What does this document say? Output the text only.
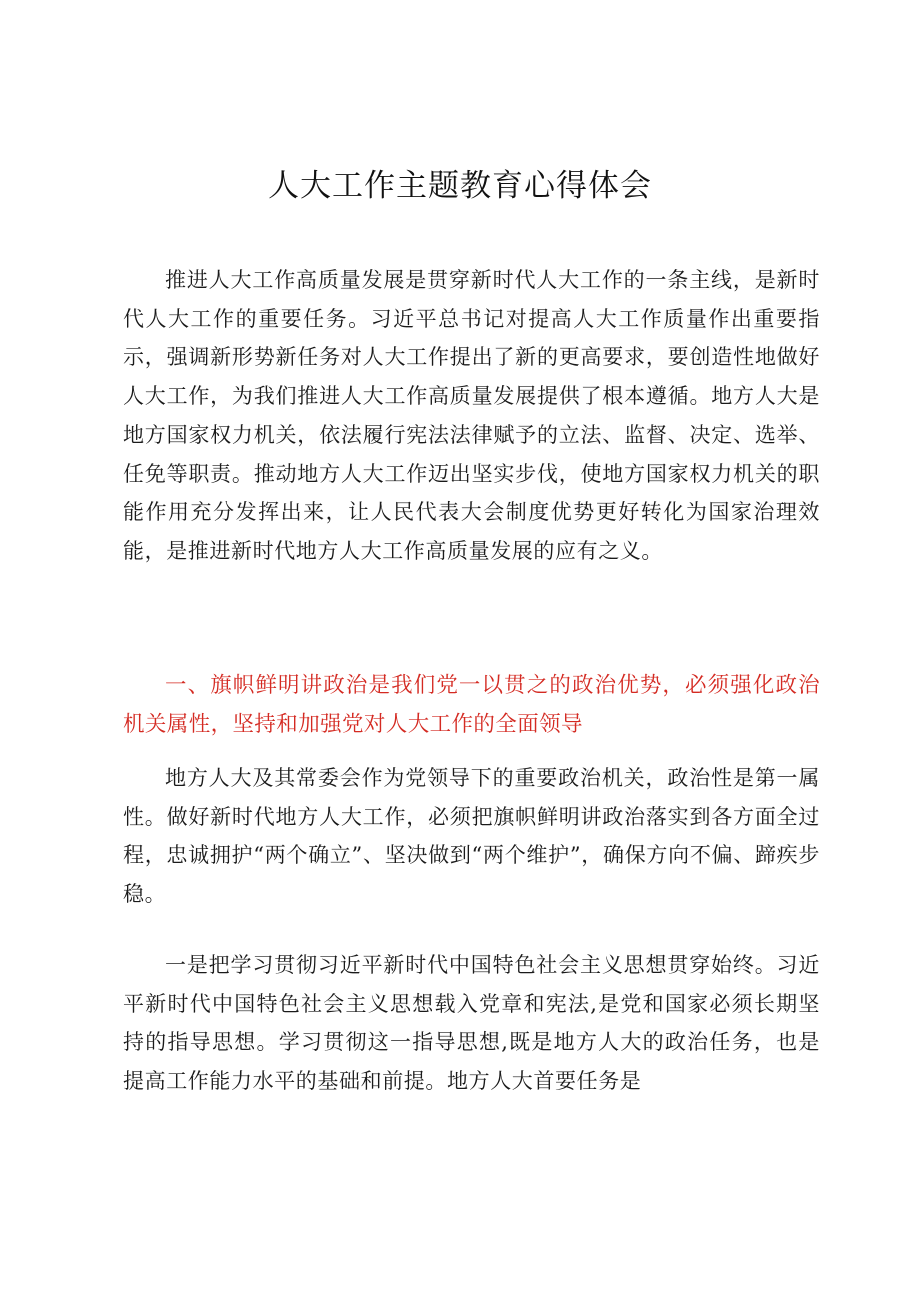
人大工作主题教育心得体会

推进人大工作高质量发展是贯穿新时代人大工作的一条主线，是新时代人大工作的重要任务。习近平总书记对提高人大工作质量作出重要指示，强调新形势新任务对人大工作提出了新的更高要求，要创造性地做好人大工作，为我们推进人大工作高质量发展提供了根本遵循。地方人大是地方国家权力机关，依法履行宪法法律赋予的立法、监督、决定、选举、任免等职责。推动地方人大工作迈出坚实步伐，使地方国家权力机关的职能作用充分发挥出来，让人民代表大会制度优势更好转化为国家治理效能，是推进新时代地方人大工作高质量发展的应有之义。

一、旗帜鲜明讲政治是我们党一以贯之的政治优势，必须强化政治机关属性，坚持和加强党对人大工作的全面领导

地方人大及其常委会作为党领导下的重要政治机关，政治性是第一属性。做好新时代地方人大工作，必须把旗帜鲜明讲政治落实到各方面全过程，忠诚拥护“两个确立”、坚决做到“两个维护”，确保方向不偏、蹄疾步稳。

一是把学习贯彻习近平新时代中国特色社会主义思想贯穿始终。习近平新时代中国特色社会主义思想载入党章和宪法,是党和国家必须长期坚持的指导思想。学习贯彻这一指导思想,既是地方人大的政治任务，也是提高工作能力水平的基础和前提。地方人大首要任务是
